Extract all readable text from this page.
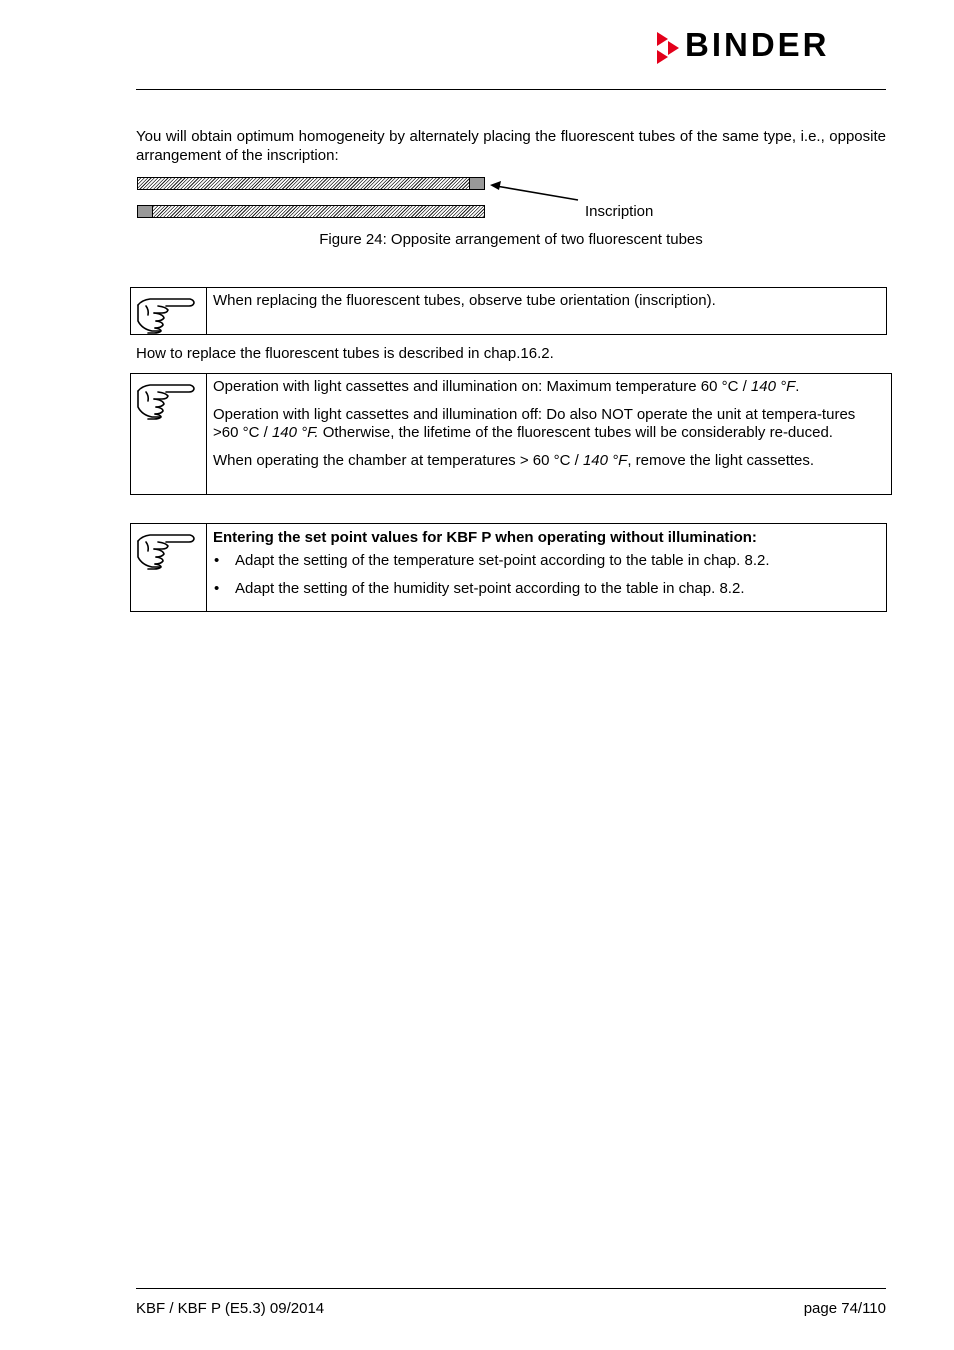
BINDER
You will obtain optimum homogeneity by alternately placing the fluorescent tubes of the same type, i.e., opposite arrangement of the inscription:
Inscription
Figure 24: Opposite arrangement of two fluorescent tubes

When replacing the fluorescent tubes, observe tube orientation (inscription).

How to replace the fluorescent tubes is described in chap.16.2.

Operation with light cassettes and illumination on: Maximum temperature 60 °C / 140 °F.

Operation with light cassettes and illumination off: Do also NOT operate the unit at tempera-tures >60 °C / 140 °F. Otherwise, the lifetime of the fluorescent tubes will be considerably re-duced.

When operating the chamber at temperatures > 60 °C / 140 °F, remove the light cassettes.

Entering the set point values for KBF P when operating without illumination:

• Adapt the setting of the temperature set-point according to the table in chap. 8.2.
• Adapt the setting of the humidity set-point according to the table in chap. 8.2.
KBF / KBF P (E5.3) 09/2014	page 74/110
